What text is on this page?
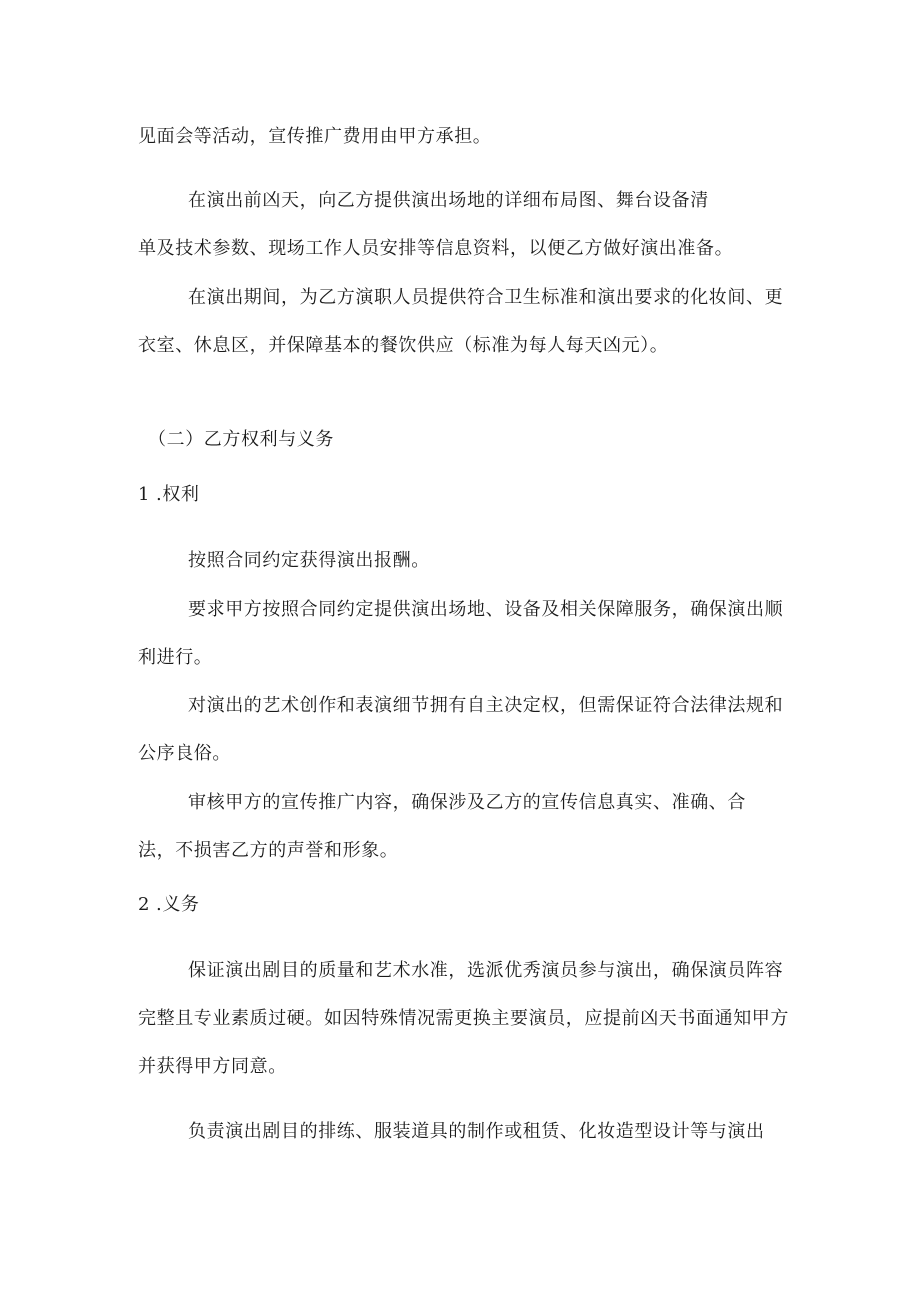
见面会等活动，宣传推广费用由甲方承担。
在演出前凶天，向乙方提供演出场地的详细布局图、舞台设备清
单及技术参数、现场工作人员安排等信息资料，以便乙方做好演出准备。
在演出期间，为乙方演职人员提供符合卫生标准和演出要求的化妆间、更
衣室、休息区，并保障基本的餐饮供应（标准为每人每天凶元）。
（二）乙方权利与义务
1 .权利
按照合同约定获得演出报酬。
要求甲方按照合同约定提供演出场地、设备及相关保障服务，确保演出顺
利进行。
对演出的艺术创作和表演细节拥有自主决定权，但需保证符合法律法规和
公序良俗。
审核甲方的宣传推广内容，确保涉及乙方的宣传信息真实、准确、合
法，不损害乙方的声誉和形象。
2 .义务
保证演出剧目的质量和艺术水准，选派优秀演员参与演出，确保演员阵容
完整且专业素质过硬。如因特殊情况需更换主要演员，应提前凶天书面通知甲方
并获得甲方同意。
负责演出剧目的排练、服装道具的制作或租赁、化妆造型设计等与演出
